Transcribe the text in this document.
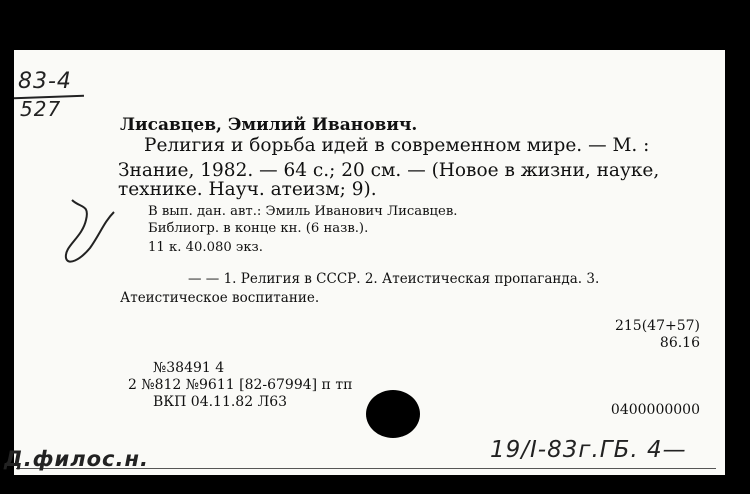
83-4
527
Лисавцев, Эмилий Иванович.
Религия и борьба идей в современном мире. — М. :
Знание, 1982. — 64 с.; 20 см. — (Новое в жизни, науке,
технике. Науч. атеизм; 9).
В вып. дан. авт.: Эмиль Иванович Лисавцев.
Библиогр. в конце кн. (6 назв.).
11 к. 40.080 экз.
— — 1. Религия в СССР. 2. Атеистическая пропаганда. 3.
Атеистическое воспитание.
215(47+57)
86.16
№38491 4
2 №812 №9611 [82-67994] п тп
ВКП 04.11.82 Л63	0400000000
Д.филос.н.	19/I-83г.ГБ. 4—
